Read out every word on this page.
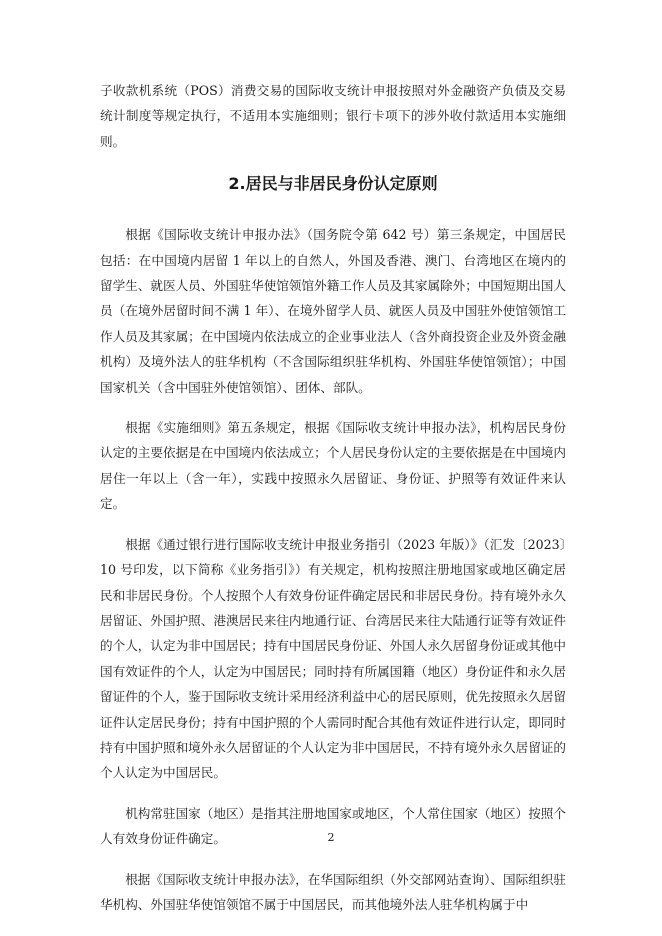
子收款机系统（POS）消费交易的国际收支统计申报按照对外金融资产负债及交易统计制度等规定执行，不适用本实施细则；银行卡项下的涉外收付款适用本实施细则。

2.居民与非居民身份认定原则

根据《国际收支统计申报办法》（国务院令第 642 号）第三条规定，中国居民包括：在中国境内居留 1 年以上的自然人，外国及香港、澳门、台湾地区在境内的留学生、就医人员、外国驻华使馆领馆外籍工作人员及其家属除外；中国短期出国人员（在境外居留时间不满 1 年）、在境外留学人员、就医人员及中国驻外使馆领馆工作人员及其家属；在中国境内依法成立的企业事业法人（含外商投资企业及外资金融机构）及境外法人的驻华机构（不含国际组织驻华机构、外国驻华使馆领馆）；中国国家机关（含中国驻外使馆领馆）、团体、部队。

根据《实施细则》第五条规定，根据《国际收支统计申报办法》，机构居民身份认定的主要依据是在中国境内依法成立；个人居民身份认定的主要依据是在中国境内居住一年以上（含一年），实践中按照永久居留证、身份证、护照等有效证件来认定。

根据《通过银行进行国际收支统计申报业务指引（2023 年版）》（汇发〔2023〕10 号印发，以下简称《业务指引》）有关规定，机构按照注册地国家或地区确定居民和非居民身份。个人按照个人有效身份证件确定居民和非居民身份。持有境外永久居留证、外国护照、港澳居民来往内地通行证、台湾居民来往大陆通行证等有效证件的个人，认定为非中国居民；持有中国居民身份证、外国人永久居留身份证或其他中国有效证件的个人，认定为中国居民；同时持有所属国籍（地区）身份证件和永久居留证件的个人，鉴于国际收支统计采用经济利益中心的居民原则，优先按照永久居留证件认定居民身份；持有中国护照的个人需同时配合其他有效证件进行认定，即同时持有中国护照和境外永久居留证的个人认定为非中国居民，不持有境外永久居留证的个人认定为中国居民。

机构常驻国家（地区）是指其注册地国家或地区，个人常住国家（地区）按照个人有效身份证件确定。

根据《国际收支统计申报办法》，在华国际组织（外交部网站查询）、国际组织驻华机构、外国驻华使馆领馆不属于中国居民，而其他境外法人驻华机构属于中

2
